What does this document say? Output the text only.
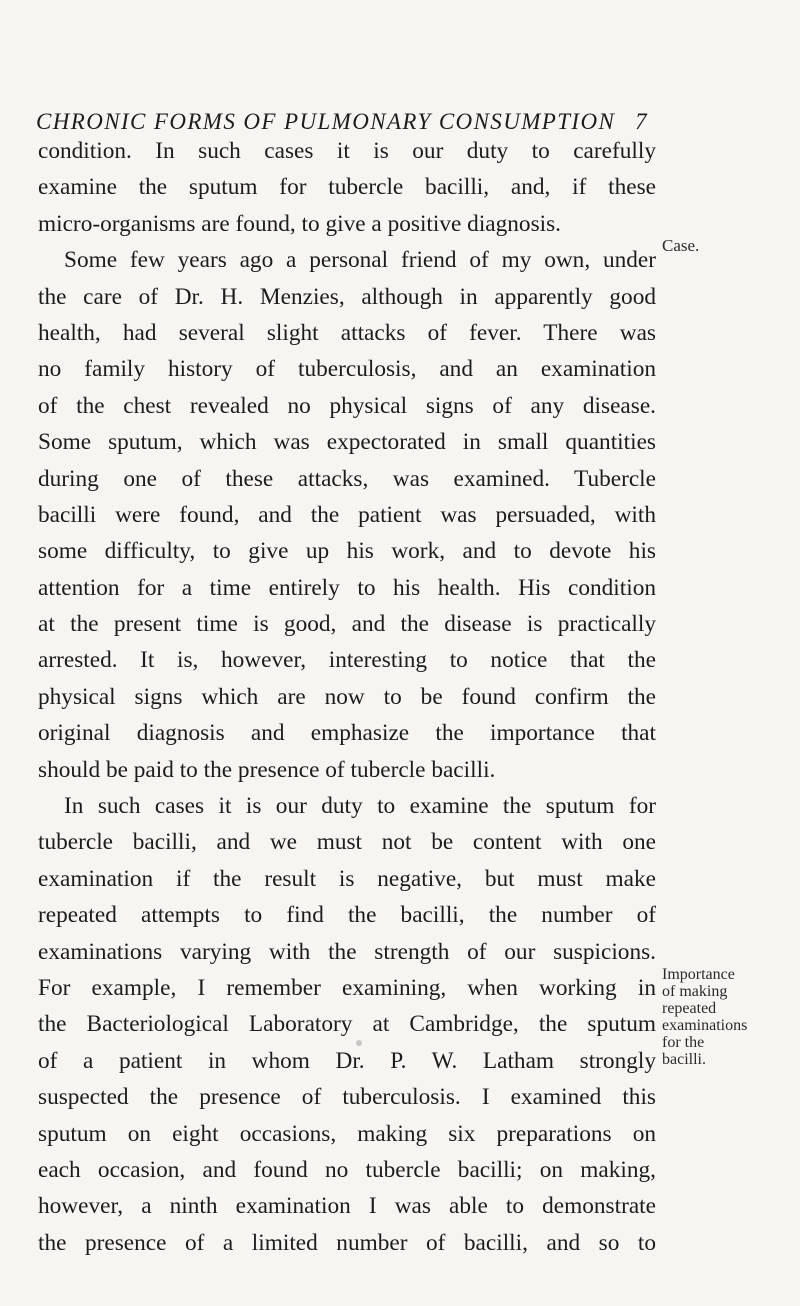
CHRONIC FORMS OF PULMONARY CONSUMPTION 7
condition. In such cases it is our duty to carefully
examine the sputum for tubercle bacilli, and, if these
micro-organisms are found, to give a positive diagnosis.
Some few years ago a personal friend of my own, under
the care of Dr. H. Menzies, although in apparently good
health, had several slight attacks of fever. There was
no family history of tuberculosis, and an examination
of the chest revealed no physical signs of any disease.
Some sputum, which was expectorated in small quantities
during one of these attacks, was examined. Tubercle
bacilli were found, and the patient was persuaded, with
some difficulty, to give up his work, and to devote his
attention for a time entirely to his health. His condition
at the present time is good, and the disease is practically
arrested. It is, however, interesting to notice that the
physical signs which are now to be found confirm the
original diagnosis and emphasize the importance that
should be paid to the presence of tubercle bacilli.
In such cases it is our duty to examine the sputum for
tubercle bacilli, and we must not be content with one
examination if the result is negative, but must make
repeated attempts to find the bacilli, the number of
examinations varying with the strength of our suspicions.
For example, I remember examining, when working in
the Bacteriological Laboratory at Cambridge, the sputum
of a patient in whom Dr. P. W. Latham strongly
suspected the presence of tuberculosis. I examined this
sputum on eight occasions, making six preparations on
each occasion, and found no tubercle bacilli; on making,
however, a ninth examination I was able to demonstrate
the presence of a limited number of bacilli, and so to
Case.
Importance
of making
repeated
examinations
for the
bacilli.
